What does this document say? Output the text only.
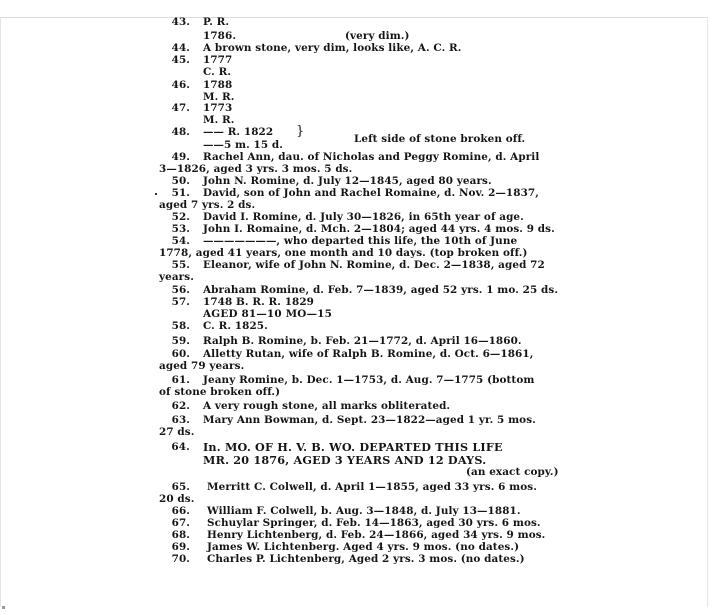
43. P. R.
1786.	(very dim.)
44. A brown stone, very dim, looks like, A. C. R.
45. 1777
C. R.
46. 1788
M. R.
47. 1773
M. R.
48. —— R. 1822 }	Left side of stone broken off.
——5 m. 15 d.
49. Rachel Ann, dau. of Nicholas and Peggy Romine, d. April
3—1826, aged 3 yrs. 3 mos. 5 ds.
50. John N. Romine, d. July 12—1845, aged 80 years.
51. David, son of John and Rachel Romaine, d. Nov. 2—1837,
aged 7 yrs. 2 ds.
52. David I. Romine, d. July 30—1826, in 65th year of age.
53. John I. Romaine, d. Mch. 2—1804; aged 44 yrs. 4 mos. 9 ds.
54. ———————, who departed this life, the 10th of June
1778, aged 41 years, one month and 10 days. (top broken off.)
55. Eleanor, wife of John N. Romine, d. Dec. 2—1838, aged 72
years.
56. Abraham Romine, d. Feb. 7—1839, aged 52 yrs. 1 mo. 25 ds.
57. 1748 B. R. R. 1829
AGED 81—10 MO—15
58. C. R. 1825.
59. Ralph B. Romine, b. Feb. 21—1772, d. April 16—1860.
60. Alletty Rutan, wife of Ralph B. Romine, d. Oct. 6—1861,
aged 79 years.
61. Jeany Romine, b. Dec. 1—1753, d. Aug. 7—1775 (bottom
of stone broken off.)
62. A very rough stone, all marks obliterated.
63. Mary Ann Bowman, d. Sept. 23—1822—aged 1 yr. 5 mos.
27 ds.
64. In. MO. OF H. V. B. WO. DEPARTED THIS LIFE
MR. 20 1876, AGED 3 YEARS AND 12 DAYS.
(an exact copy.)
65. Merritt C. Colwell, d. April 1—1855, aged 33 yrs. 6 mos.
20 ds.
66. William F. Colwell, b. Aug. 3—1848, d. July 13—1881.
67. Schuylar Springer, d. Feb. 14—1863, aged 30 yrs. 6 mos.
68. Henry Lichtenberg, d. Feb. 24—1866, aged 34 yrs. 9 mos.
69. James W. Lichtenberg. Aged 4 yrs. 9 mos. (no dates.)
70. Charles P. Lichtenberg, Aged 2 yrs. 3 mos. (no dates.)
